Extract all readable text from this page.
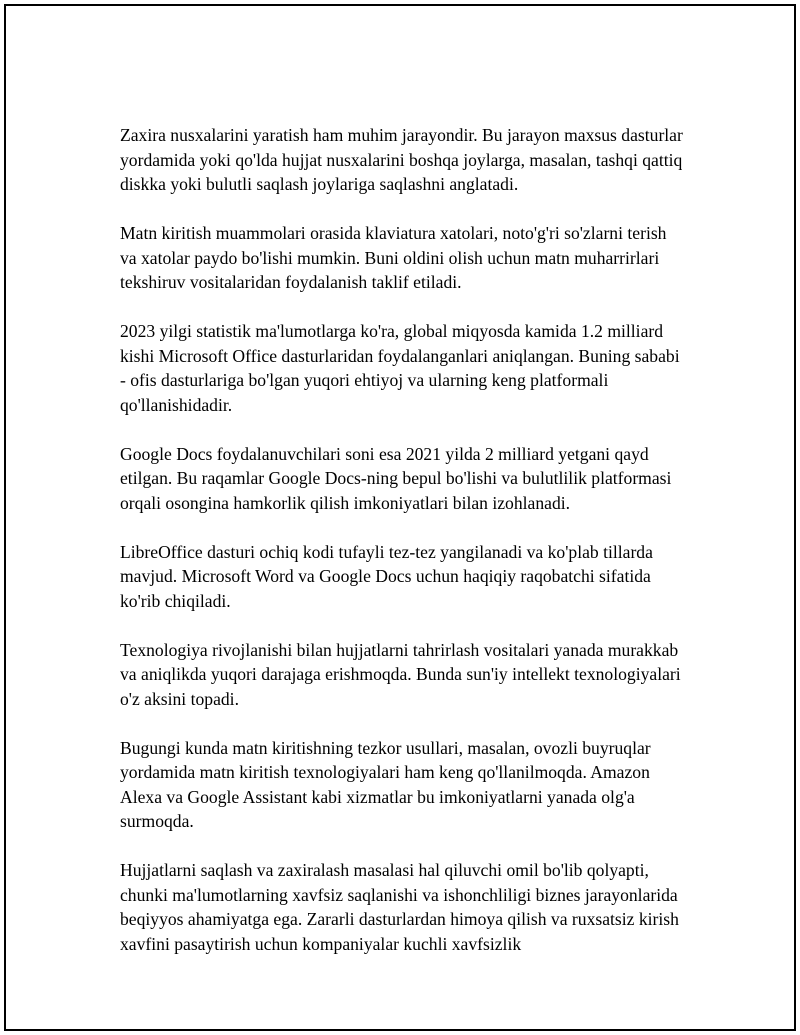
Zaxira nusxalarini yaratish ham muhim jarayondir. Bu jarayon maxsus dasturlar yordamida yoki qo'lda hujjat nusxalarini boshqa joylarga, masalan, tashqi qattiq diskka yoki bulutli saqlash joylariga saqlashni anglatadi.

Matn kiritish muammolari orasida klaviatura xatolari, noto'g'ri so'zlarni terish va xatolar paydo bo'lishi mumkin. Buni oldini olish uchun matn muharrirlari tekshiruv vositalaridan foydalanish taklif etiladi.

2023 yilgi statistik ma'lumotlarga ko'ra, global miqyosda kamida 1.2 milliard kishi Microsoft Office dasturlaridan foydalanganlari aniqlangan. Buning sababi - ofis dasturlariga bo'lgan yuqori ehtiyoj va ularning keng platformali qo'llanishidadir.

Google Docs foydalanuvchilari soni esa 2021 yilda 2 milliard yetgani qayd etilgan. Bu raqamlar Google Docs-ning bepul bo'lishi va bulutlilik platformasi orqali osongina hamkorlik qilish imkoniyatlari bilan izohlanadi.

LibreOffice dasturi ochiq kodi tufayli tez-tez yangilanadi va ko'plab tillarda mavjud. Microsoft Word va Google Docs uchun haqiqiy raqobatchi sifatida ko'rib chiqiladi.

Texnologiya rivojlanishi bilan hujjatlarni tahrirlash vositalari yanada murakkab va aniqlikda yuqori darajaga erishmoqda. Bunda sun'iy intellekt texnologiyalari o'z aksini topadi.

Bugungi kunda matn kiritishning tezkor usullari, masalan, ovozli buyruqlar yordamida matn kiritish texnologiyalari ham keng qo'llanilmoqda. Amazon Alexa va Google Assistant kabi xizmatlar bu imkoniyatlarni yanada olg'a surmoqda.

Hujjatlarni saqlash va zaxiralash masalasi hal qiluvchi omil bo'lib qolyapti, chunki ma'lumotlarning xavfsiz saqlanishi va ishonchliligi biznes jarayonlarida beqiyyos ahamiyatga ega. Zararli dasturlardan himoya qilish va ruxsatsiz kirish xavfini pasaytirish uchun kompaniyalar kuchli xavfsizlik
